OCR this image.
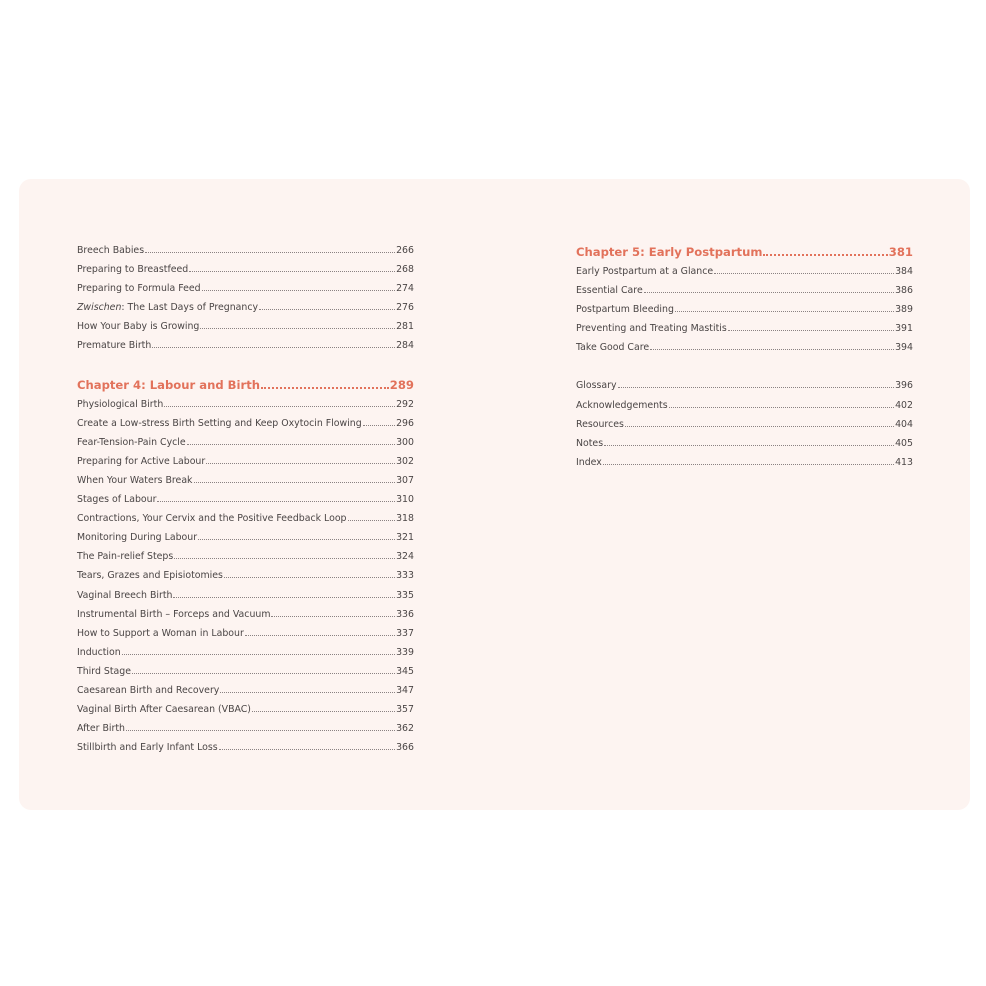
Breech Babies	266
Preparing to Breastfeed	268
Preparing to Formula Feed	274
Zwischen: The Last Days of Pregnancy	276
How Your Baby is Growing	281
Premature Birth	284
Chapter 4: Labour and Birth	289
Physiological Birth	292
Create a Low-stress Birth Setting and Keep Oxytocin Flowing	296
Fear-Tension-Pain Cycle	300
Preparing for Active Labour	302
When Your Waters Break	307
Stages of Labour	310
Contractions, Your Cervix and the Positive Feedback Loop	318
Monitoring During Labour	321
The Pain-relief Steps	324
Tears, Grazes and Episiotomies	333
Vaginal Breech Birth	335
Instrumental Birth – Forceps and Vacuum	336
How to Support a Woman in Labour	337
Induction	339
Third Stage	345
Caesarean Birth and Recovery	347
Vaginal Birth After Caesarean (VBAC)	357
After Birth	362
Stillbirth and Early Infant Loss	366
Chapter 5: Early Postpartum	381
Early Postpartum at a Glance	384
Essential Care	386
Postpartum Bleeding	389
Preventing and Treating Mastitis	391
Take Good Care	394
Glossary	396
Acknowledgements	402
Resources	404
Notes	405
Index	413
